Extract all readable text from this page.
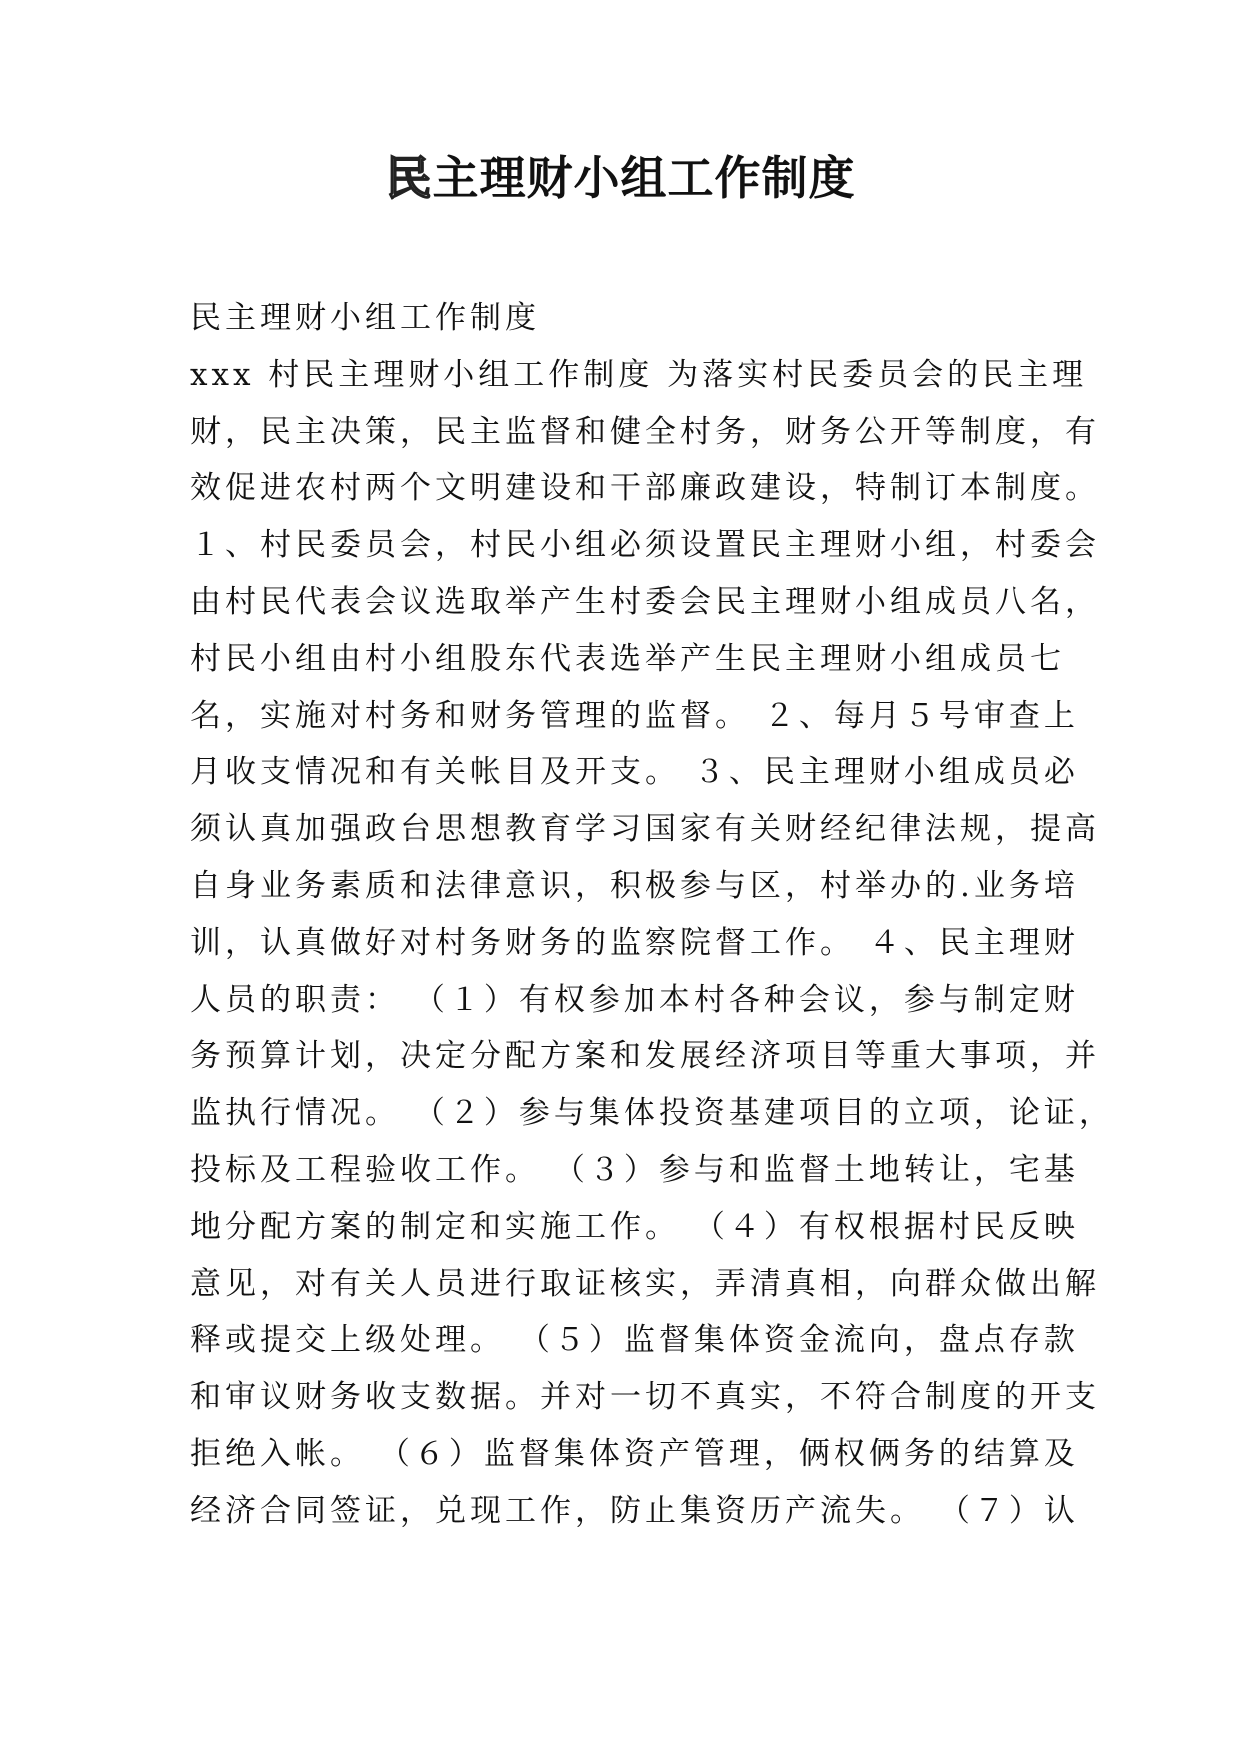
民主理财小组工作制度
民主理财小组工作制度
xxx 村民主理财小组工作制度 为落实村民委员会的民主理
财，民主决策，民主监督和健全村务，财务公开等制度，有
效促进农村两个文明建设和干部廉政建设，特制订本制度。
１、村民委员会，村民小组必须设置民主理财小组，村委会
由村民代表会议选取举产生村委会民主理财小组成员八名，
村民小组由村小组股东代表选举产生民主理财小组成员七
名，实施对村务和财务管理的监督。 ２、每月５号审查上
月收支情况和有关帐目及开支。 ３、民主理财小组成员必
须认真加强政台思想教育学习国家有关财经纪律法规，提高
自身业务素质和法律意识，积极参与区，村举办的.业务培
训，认真做好对村务财务的监察院督工作。 ４、民主理财
人员的职责： （１）有权参加本村各种会议，参与制定财
务预算计划，决定分配方案和发展经济项目等重大事项，并
监执行情况。 （２）参与集体投资基建项目的立项，论证，
投标及工程验收工作。 （３）参与和监督土地转让，宅基
地分配方案的制定和实施工作。 （４）有权根据村民反映
意见，对有关人员进行取证核实，弄清真相，向群众做出解
释或提交上级处理。 （５）监督集体资金流向，盘点存款
和审议财务收支数据。并对一切不真实，不符合制度的开支
拒绝入帐。 （６）监督集体资产管理，俩权俩务的结算及
经济合同签证，兑现工作，防止集资历产流失。 （７）认
